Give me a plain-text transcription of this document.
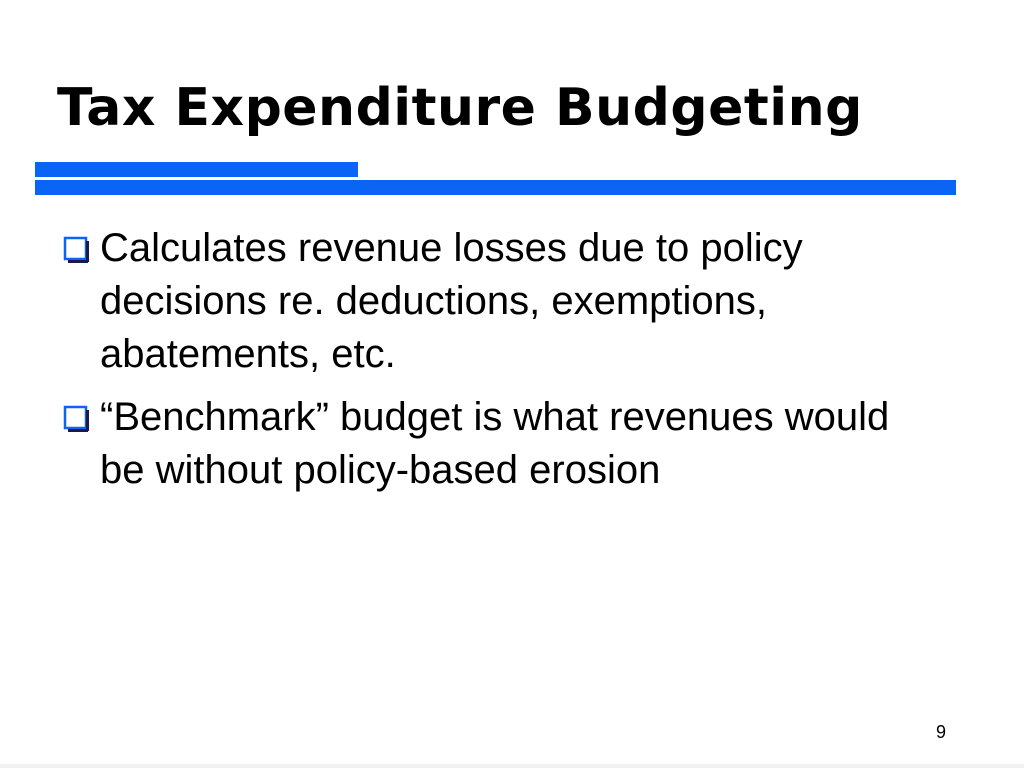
Tax Expenditure Budgeting
Calculates revenue losses due to policy decisions re. deductions, exemptions, abatements, etc.
“Benchmark” budget is what revenues would be without policy-based erosion
9
